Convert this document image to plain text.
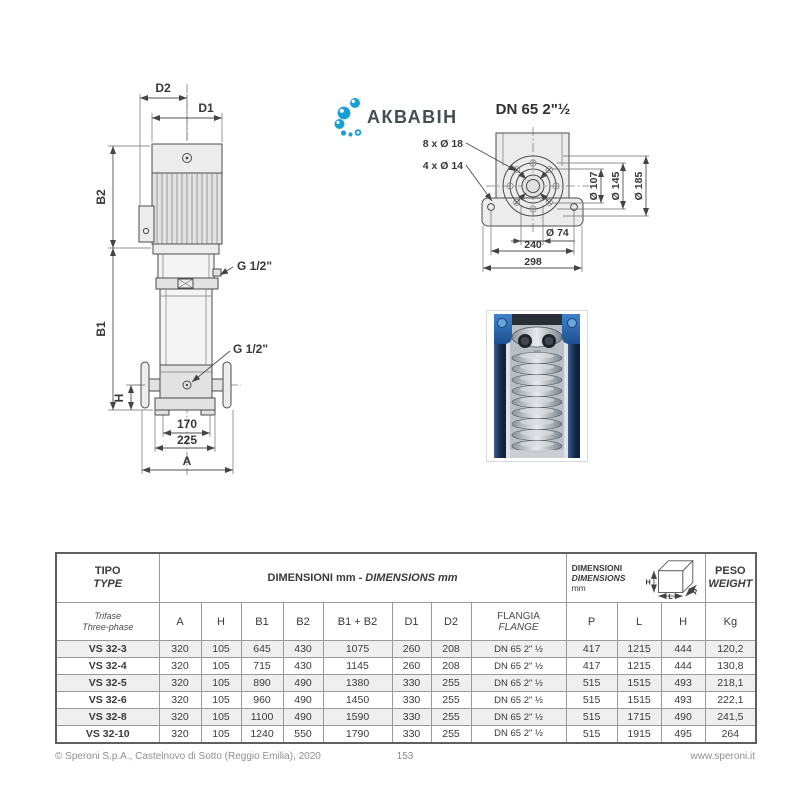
АКВАВІН
D2
D1
B2
B1
H
G 1/2"
G 1/2"
170
225
A
DN 65 2"½
8 x Ø 18
4 x Ø 14
Ø 107 Ø 145 Ø 185
Ø 74
240
298
TIPO
TYPE
	DIMENSIONI mm - DIMENSIONS mm	
DIMENSIONI
DIMENSIONS
mm
H
L
P

PESO
WEIGHT

Trifase
Three-phase	A	H	B1	B2	B1 + B2	D1	D2	FLANGIA
FLANGE	P	L	H	Kg
VS 32-3	320	105	645	430	1075	260	208	DN 65 2" ½	417	1215	444	120,2
VS 32-4	320	105	715	430	1145	260	208	DN 65 2" ½	417	1215	444	130,8
VS 32-5	320	105	890	490	1380	330	255	DN 65 2" ½	515	1515	493	218,1
VS 32-6	320	105	960	490	1450	330	255	DN 65 2" ½	515	1515	493	222,1
VS 32-8	320	105	1100	490	1590	330	255	DN 65 2" ½	515	1715	490	241,5
VS 32-10	320	105	1240	550	1790	330	255	DN 65 2" ½	515	1915	495	264
© Speroni S.p.A., Castelnovo di Sotto (Reggio Emilia), 2020	153	www.speroni.it
